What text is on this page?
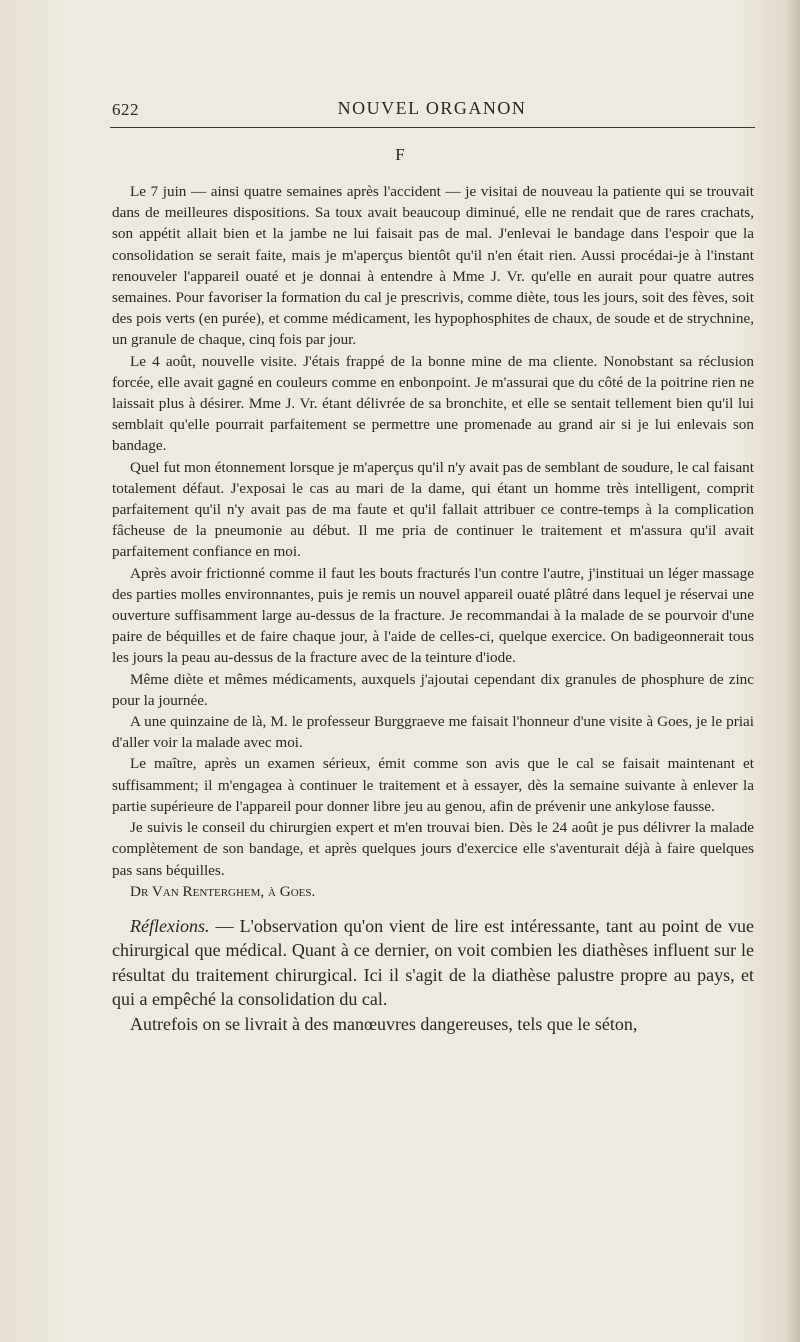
622	NOUVEL ORGANON
F

Le 7 juin — ainsi quatre semaines après l'accident — je visitai de nouveau la patiente qui se trouvait dans de meilleures dispositions. Sa toux avait beaucoup diminué, elle ne rendait que de rares crachats, son appétit allait bien et la jambe ne lui faisait pas de mal. J'enlevai le bandage dans l'espoir que la consolidation se serait faite, mais je m'aperçus bientôt qu'il n'en était rien. Aussi procédai-je à l'instant renouveler l'appareil ouaté et je donnai à entendre à Mme J. Vr. qu'elle en aurait pour quatre autres semaines. Pour favoriser la formation du cal je prescrivis, comme diète, tous les jours, soit des fèves, soit des pois verts (en purée), et comme médicament, les hypophosphites de chaux, de soude et de strychnine, un granule de chaque, cinq fois par jour.

Le 4 août, nouvelle visite. J'étais frappé de la bonne mine de ma cliente. Nonobstant sa réclusion forcée, elle avait gagné en couleurs comme en enbonpoint. Je m'assurai que du côté de la poitrine rien ne laissait plus à désirer. Mme J. Vr. étant délivrée de sa bronchite, et elle se sentait tellement bien qu'il lui semblait qu'elle pourrait parfaitement se permettre une promenade au grand air si je lui enlevais son bandage.

Quel fut mon étonnement lorsque je m'aperçus qu'il n'y avait pas de semblant de soudure, le cal faisant totalement défaut. J'exposai le cas au mari de la dame, qui étant un homme très intelligent, comprit parfaitement qu'il n'y avait pas de ma faute et qu'il fallait attribuer ce contre-temps à la complication fâcheuse de la pneumonie au début. Il me pria de continuer le traitement et m'assura qu'il avait parfaitement confiance en moi.

Après avoir frictionné comme il faut les bouts fracturés l'un contre l'autre, j'instituai un léger massage des parties molles environnantes, puis je remis un nouvel appareil ouaté plâtré dans lequel je réservai une ouverture suffisamment large au-dessus de la fracture. Je recommandai à la malade de se pourvoir d'une paire de béquilles et de faire chaque jour, à l'aide de celles-ci, quelque exercice. On badigeonnerait tous les jours la peau au-dessus de la fracture avec de la teinture d'iode.

Même diète et mêmes médicaments, auxquels j'ajoutai cependant dix granules de phosphure de zinc pour la journée.

A une quinzaine de là, M. le professeur Burggraeve me faisait l'honneur d'une visite à Goes, je le priai d'aller voir la malade avec moi.

Le maître, après un examen sérieux, émit comme son avis que le cal se faisait maintenant et suffisamment; il m'engagea à continuer le traitement et à essayer, dès la semaine suivante à enlever la partie supérieure de l'appareil pour donner libre jeu au genou, afin de prévenir une ankylose fausse.

Je suivis le conseil du chirurgien expert et m'en trouvai bien. Dès le 24 août je pus délivrer la malade complètement de son bandage, et après quelques jours d'exercice elle s'aventurait déjà à faire quelques pas sans béquilles.

Dr Van Renterghem, à Goes.

Réflexions. — L'observation qu'on vient de lire est intéressante, tant au point de vue chirurgical que médical. Quant à ce dernier, on voit combien les diathèses influent sur le résultat du traitement chirurgical. Ici il s'agit de la diathèse palustre propre au pays, et qui a empêché la consolidation du cal.

Autrefois on se livrait à des manœuvres dangereuses, tels que le séton,
